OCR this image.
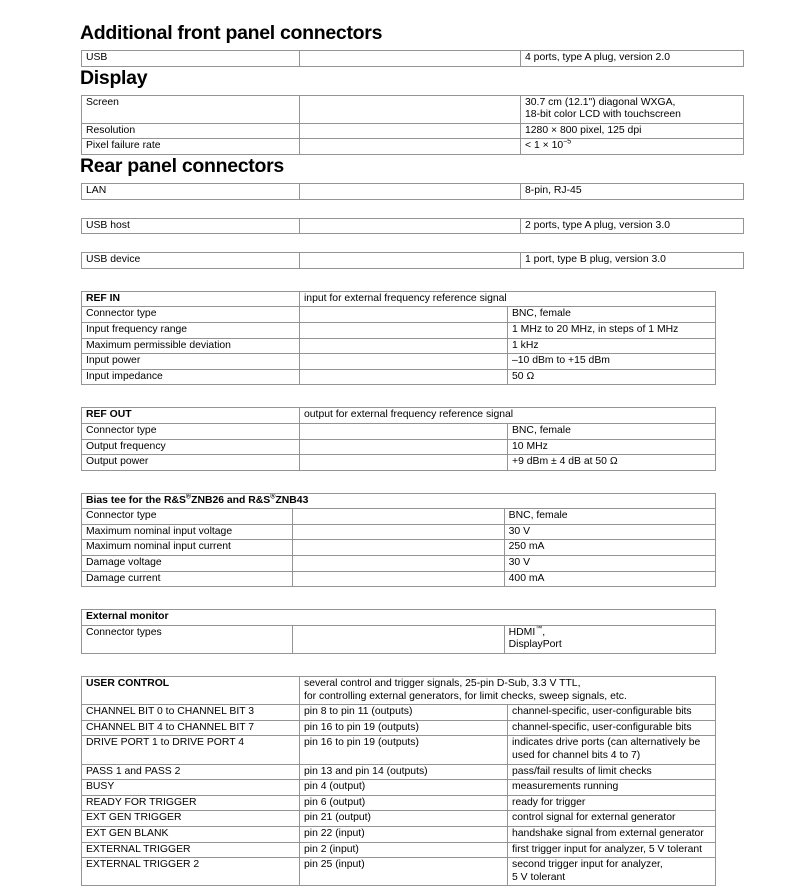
Additional front panel connectors
USB		4 ports, type A plug, version 2.0
Display
Screen		30.7 cm (12.1") diagonal WXGA,
18-bit color LCD with touchscreen

Resolution		1280 × 800 pixel, 125 dpi
Pixel failure rate		< $1 \times 10^{-5}$
Rear panel connectors
LAN		8-pin, RJ-45
USB host		2 ports, type A plug, version 3.0
USB device		1 port, type B plug, version 3.0
REF IN	input for external frequency reference signal	
Connector type		BNC, female
Input frequency range		1 MHz to 20 MHz, in steps of 1 MHz
Maximum permissible deviation		1 kHz
Input power		–10 dBm to +15 dBm
Input impedance		50 Ω
REF OUT	output for external frequency reference signal	
Connector type		BNC, female
Output frequency		10 MHz
Output power		+9 dBm ± 4 dB at 50 Ω
Bias tee for the R&S®ZNB26 and R&S®ZNB43		
Connector type		BNC, female
Maximum nominal input voltage		30 V
Maximum nominal input current		250 mA
Damage voltage		30 V
Damage current		400 mA
External monitor
Connector types		HDMI™,
DisplayPort
USER CONTROL	several control and trigger signals, 25-pin D-Sub, 3.3 V TTL,
for controlling external generators, for limit checks, sweep signals, etc.	

CHANNEL BIT 0 to CHANNEL BIT 3	pin 8 to pin 11 (outputs)	channel-specific, user-configurable bits
CHANNEL BIT 4 to CHANNEL BIT 7	pin 16 to pin 19 (outputs)	channel-specific, user-configurable bits
DRIVE PORT 1 to DRIVE PORT 4	pin 16 to pin 19 (outputs)	indicates drive ports (can alternatively be
used for channel bits 4 to 7)

PASS 1 and PASS 2	pin 13 and pin 14 (outputs)	pass/fail results of limit checks
BUSY	pin 4 (output)	measurements running
READY FOR TRIGGER	pin 6 (output)	ready for trigger
EXT GEN TRIGGER	pin 21 (output)	control signal for external generator
EXT GEN BLANK	pin 22 (input)	handshake signal from external generator
EXTERNAL TRIGGER	pin 2 (input)	first trigger input for analyzer, 5 V tolerant
EXTERNAL TRIGGER 2	pin 25 (input)	second trigger input for analyzer,
5 V tolerant
